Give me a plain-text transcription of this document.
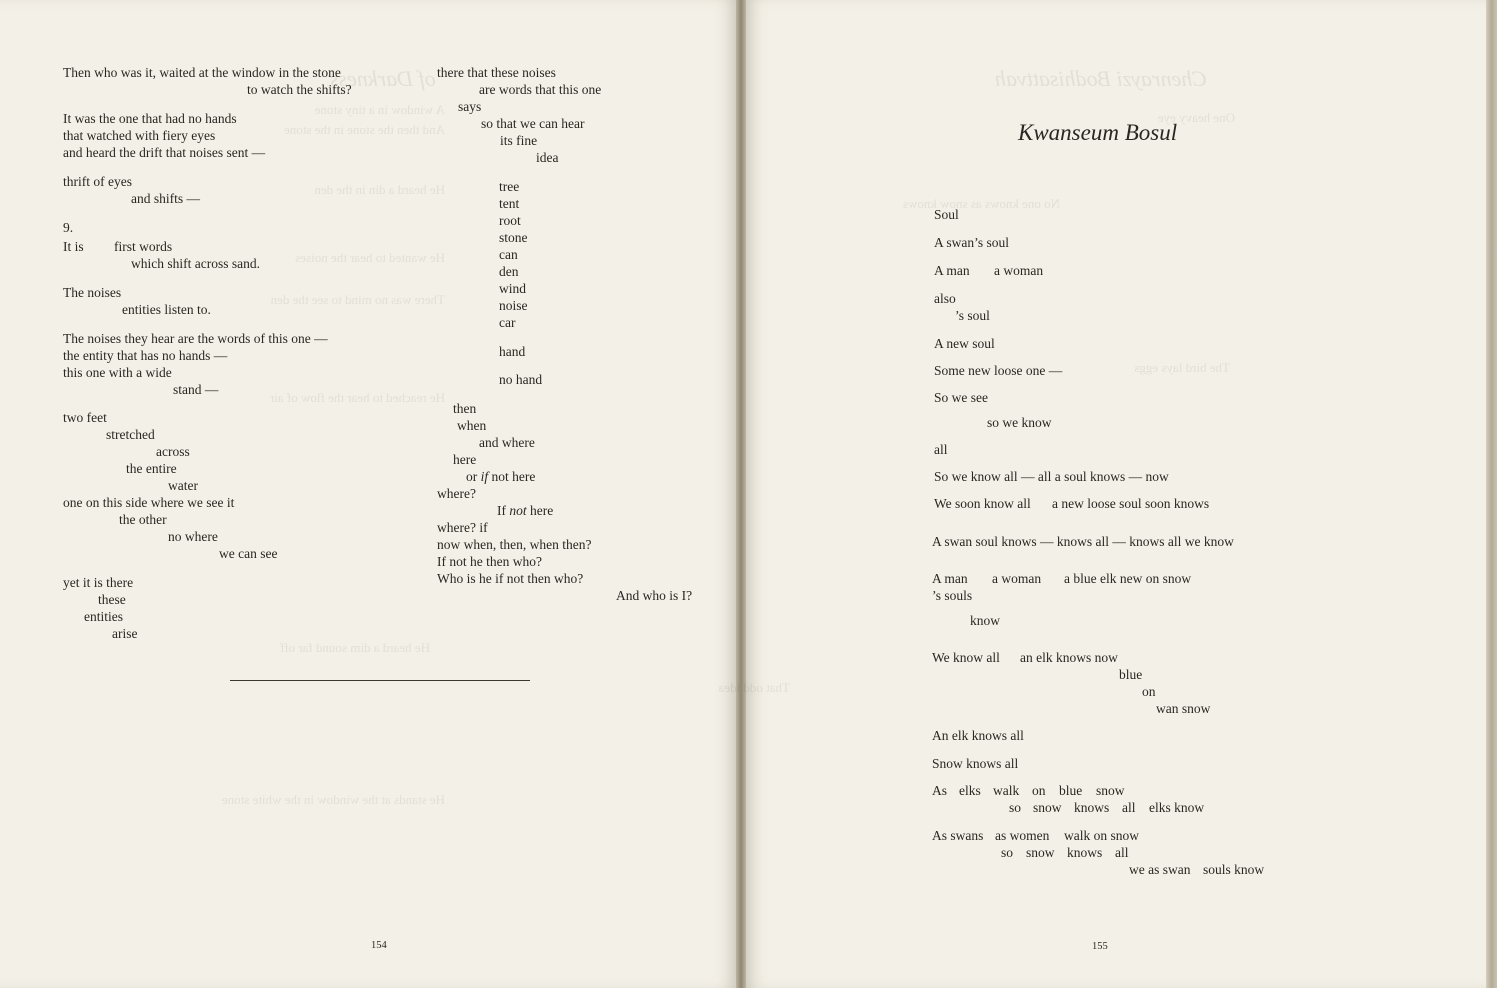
of Darkness	Chenrayzi Bodhisattvah
A window in a tiny stone
And then the stone in the stone
He heard a din in the den
He wanted to hear the noises
There was no mind to see the den
He reached to hear the flow of air
No one knows as snow knows
The bird lays eggs
He heard a dim sound far off
That odd idea
One heavy eye
He stands at the window in the white stone
Then who was it, waited at the window in the stone
to watch the shifts?
It was the one that had no hands
that watched with fiery eyes
and heard the drift that noises sent —
thrift of eyes
and shifts —
9.
It is first words
which shift across sand.
The noises
entities listen to.
The noises they hear are the words of this one —
the entity that has no hands —
this one with a wide
stand —
two feet
stretched
across
the entire
water
one on this side where we see it
the other
no where
we can see
yet it is there
these
entities
arise
there that these noises
are words that this one
says
so that we can hear
its fine
idea
tree
tent
root
stone
can
den
wind
noise
car
hand
no hand
then
when
and where
here
or if not here
where?
If not here
where? if
now when, then, when then?
If not he then who?
Who is he if not then who?
And who is I?
154
Kwanseum Bosul
Soul
A swan’s soul
A man a woman
also
’s soul
A new soul
Some new loose one —
So we see
so we know
all
So we know all — all a soul knows — now
We soon know all a new loose soul soon knows
A swan soul knows — knows all — knows all we know
A man a woman a blue elk new on snow
’s souls
know
We know all an elk knows now
blue
on
wan snow
An elk knows all
Snow knows all
As elks walk on blue snow
so snow knows all elks know
As swans as women walk on snow
so snow knows all
we as swan souls know
155
